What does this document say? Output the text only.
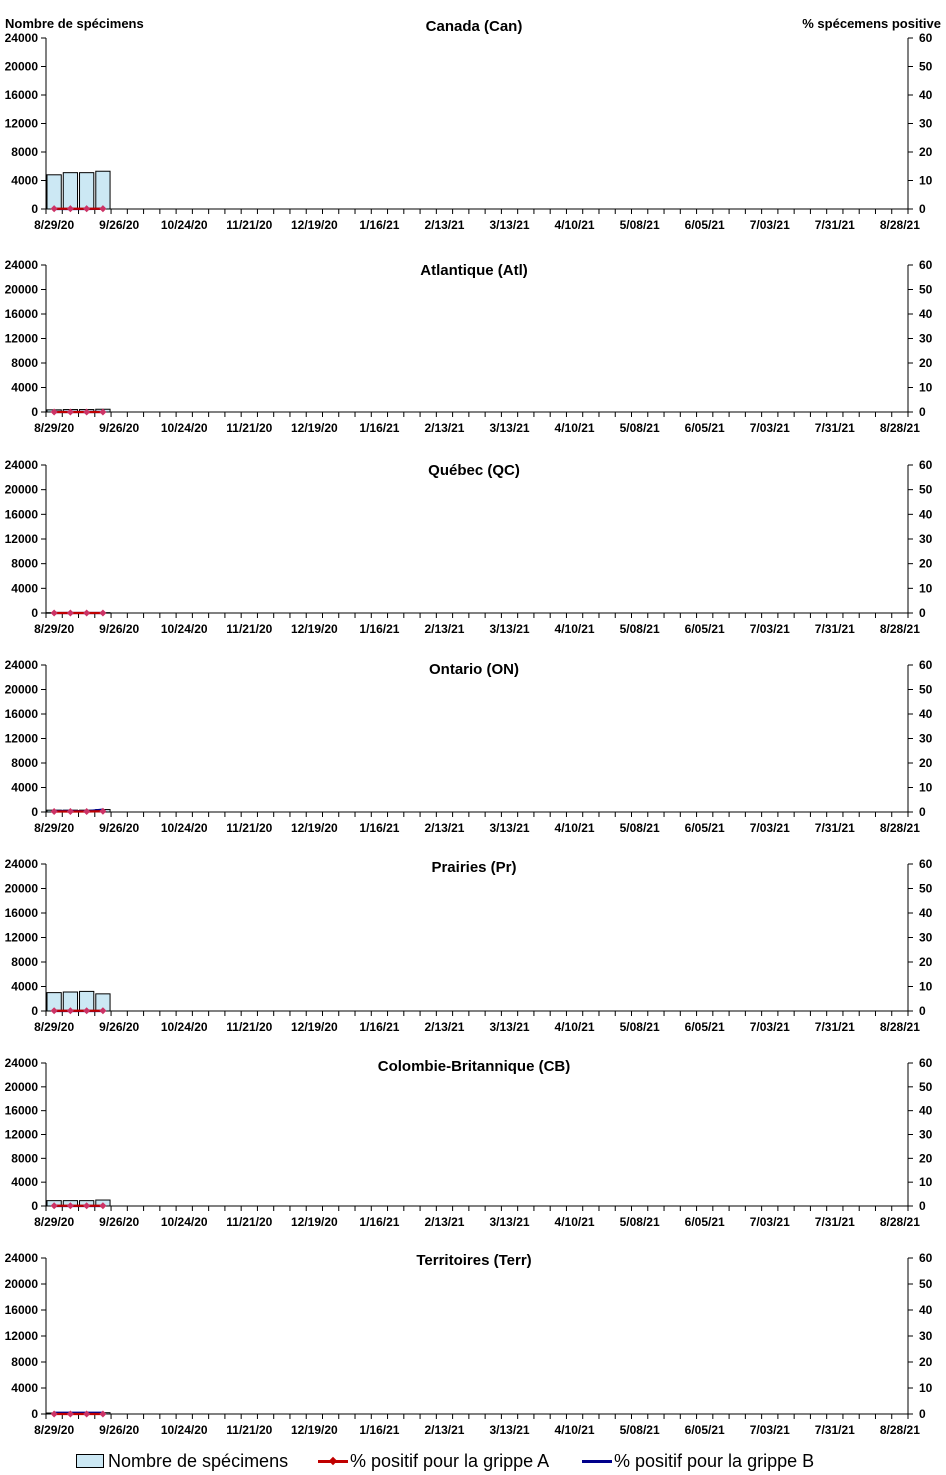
Canada (Can)
Nombre de spécimens	% spécemens positive
0
4000
8000
12000
16000
20000
24000
0
10
20
30
40
50
60
8/29/20 9/26/20 10/24/20 11/21/20 12/19/20 1/16/21 2/13/21 3/13/21 4/10/21 5/08/21 6/05/21 7/03/21 7/31/21 8/28/21
Atlantique (Atl)
0
4000
8000
12000
16000
20000
24000
0
10
20
30
40
50
60
8/29/20 9/26/20 10/24/20 11/21/20 12/19/20 1/16/21 2/13/21 3/13/21 4/10/21 5/08/21 6/05/21 7/03/21 7/31/21 8/28/21
Québec (QC)
0
4000
8000
12000
16000
20000
24000
0
10
20
30
40
50
60
8/29/20 9/26/20 10/24/20 11/21/20 12/19/20 1/16/21 2/13/21 3/13/21 4/10/21 5/08/21 6/05/21 7/03/21 7/31/21 8/28/21
Ontario (ON)
0
4000
8000
12000
16000
20000
24000
0
10
20
30
40
50
60
8/29/20 9/26/20 10/24/20 11/21/20 12/19/20 1/16/21 2/13/21 3/13/21 4/10/21 5/08/21 6/05/21 7/03/21 7/31/21 8/28/21
Prairies (Pr)
0
4000
8000
12000
16000
20000
24000
0
10
20
30
40
50
60
8/29/20 9/26/20 10/24/20 11/21/20 12/19/20 1/16/21 2/13/21 3/13/21 4/10/21 5/08/21 6/05/21 7/03/21 7/31/21 8/28/21
Colombie-Britannique (CB)
0
4000
8000
12000
16000
20000
24000
0
10
20
30
40
50
60
8/29/20 9/26/20 10/24/20 11/21/20 12/19/20 1/16/21 2/13/21 3/13/21 4/10/21 5/08/21 6/05/21 7/03/21 7/31/21 8/28/21
Territoires (Terr)
0
4000
8000
12000
16000
20000
24000
0
10
20
30
40
50
60
8/29/20 9/26/20 10/24/20 11/21/20 12/19/20 1/16/21 2/13/21 3/13/21 4/10/21 5/08/21 6/05/21 7/03/21 7/31/21 8/28/21
Nombre de spécimens	% positif pour la grippe A	% positif pour la grippe B
